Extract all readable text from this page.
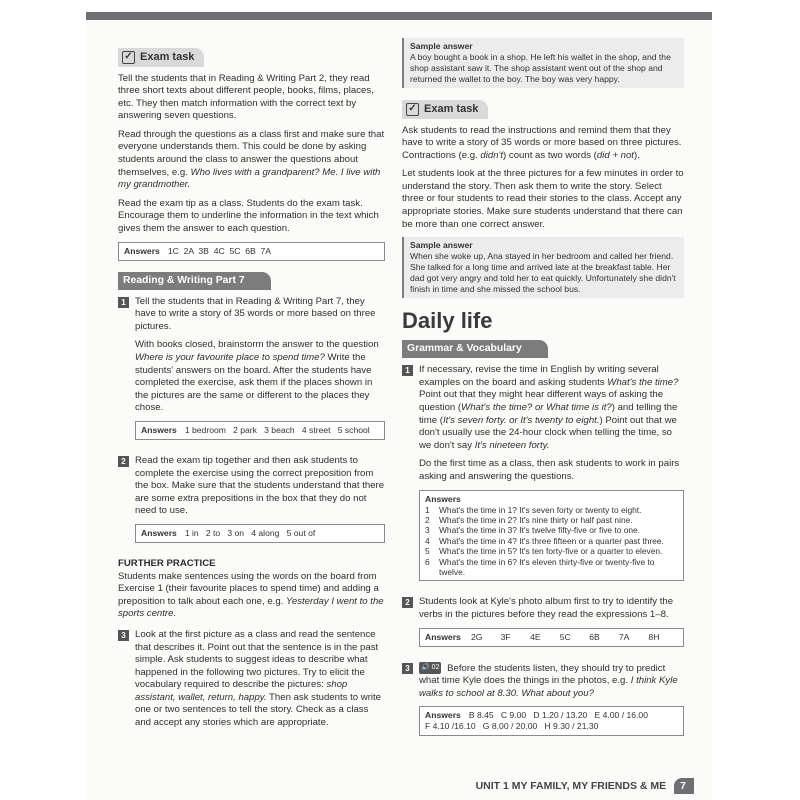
✓ Exam task

Tell the students that in Reading & Writing Part 2, they read three short texts about different people, books, films, places, etc. They then match information with the correct text by answering seven questions.

Read through the questions as a class first and make sure that everyone understands them. This could be done by asking students around the class to answer the questions about themselves, e.g. Who lives with a grandparent? Me. I live with my grandmother.

Read the exam tip as a class. Students do the exam task. Encourage them to underline the information in the text which gives them the answer to each question.

Answers 1C  2A  3B  4C  5C  6B  7A
Reading & Writing Part 7
1 Tell the students that in Reading & Writing Part 7, they have to write a story of 35 words or more based on three pictures.

With books closed, brainstorm the answer to the question Where is your favourite place to spend time? Write the students' answers on the board. After the students have completed the exercise, ask them if the places shown in the pictures are the same or different to the places they chose.

Answers 1 bedroom   2 park   3 beach   4 street   5 school
2 Read the exam tip together and then ask students to complete the exercise using the correct preposition from the box. Make sure that the students understand that there are some extra prepositions in the box that they do not need to use.

Answers 1 in   2 to   3 on   4 along   5 out of
FURTHER PRACTICE

Students make sentences using the words on the board from Exercise 1 (their favourite places to spend time) and adding a preposition to talk about each one, e.g. Yesterday I went to the sports centre.

3 Look at the first picture as a class and read the sentence that describes it. Point out that the sentence is in the past simple. Ask students to suggest ideas to describe what happened in the following two pictures. Try to elicit the vocabulary required to describe the pictures: shop assistant, wallet, return, happy. Then ask students to write one or two sentences to tell the story. Check as a class and accept any stories which are appropriate.

Sample answer
A boy bought a book in a shop. He left his wallet in the shop, and the shop assistant saw it. The shop assistant went out of the shop and returned the wallet to the boy. The boy was very happy.
✓ Exam task

Ask students to read the instructions and remind them that they have to write a story of 35 words or more based on three pictures. Contractions (e.g. didn't) count as two words (did + not).

Let students look at the three pictures for a few minutes in order to understand the story. Then ask them to write the story. Select three or four students to read their stories to the class. Accept any appropriate stories. Make sure students understand that there can be more than one correct answer.

Sample answer
When she woke up, Ana stayed in her bedroom and called her friend. She talked for a long time and arrived late at the breakfast table. Her dad got very angry and told her to eat quickly. Unfortunately she didn't finish in time and she missed the school bus.
Daily life
Grammar & Vocabulary
1 If necessary, revise the time in English by writing several examples on the board and asking students What's the time? Point out that they might hear different ways of asking the question (What's the time? or What time is it?) and telling the time (It's seven forty. or It's twenty to eight.) Point out that we don't usually use the 24-hour clock when telling the time, so we don't say It's nineteen forty.

Do the first time as a class, then ask students to work in pairs asking and answering the questions.

Answers
1	What's the time in 1? It's seven forty or twenty to eight.
2	What's the time in 2? It's nine thirty or half past nine.
3	What's the time in 3? It's twelve fifty-five or five to one.
4	What's the time in 4? It's three fifteen or a quarter past three.
5	What's the time in 5? It's ten forty-five or a quarter to eleven.
6	What's the time in 6? It's eleven thirty-five or twenty-five to twelve.
2 Students look at Kyle's photo album first to try to identify the verbs in the pictures before they read the expressions 1–8.

Answers 2G	3F	4E	5C	6B	7A	8H
3	🔊 02 Before the students listen, they should try to predict what time Kyle does the things in the photos, e.g. I think Kyle walks to school at 8.30. What about you?

Answers B 8.45   C 9.00   D 1.20 / 13.20   E 4.00 / 16.00
F 4.10 /16.10   G 8.00 / 20.00   H 9.30 / 21.30
UNIT 1 MY FAMILY, MY FRIENDS & ME	7
